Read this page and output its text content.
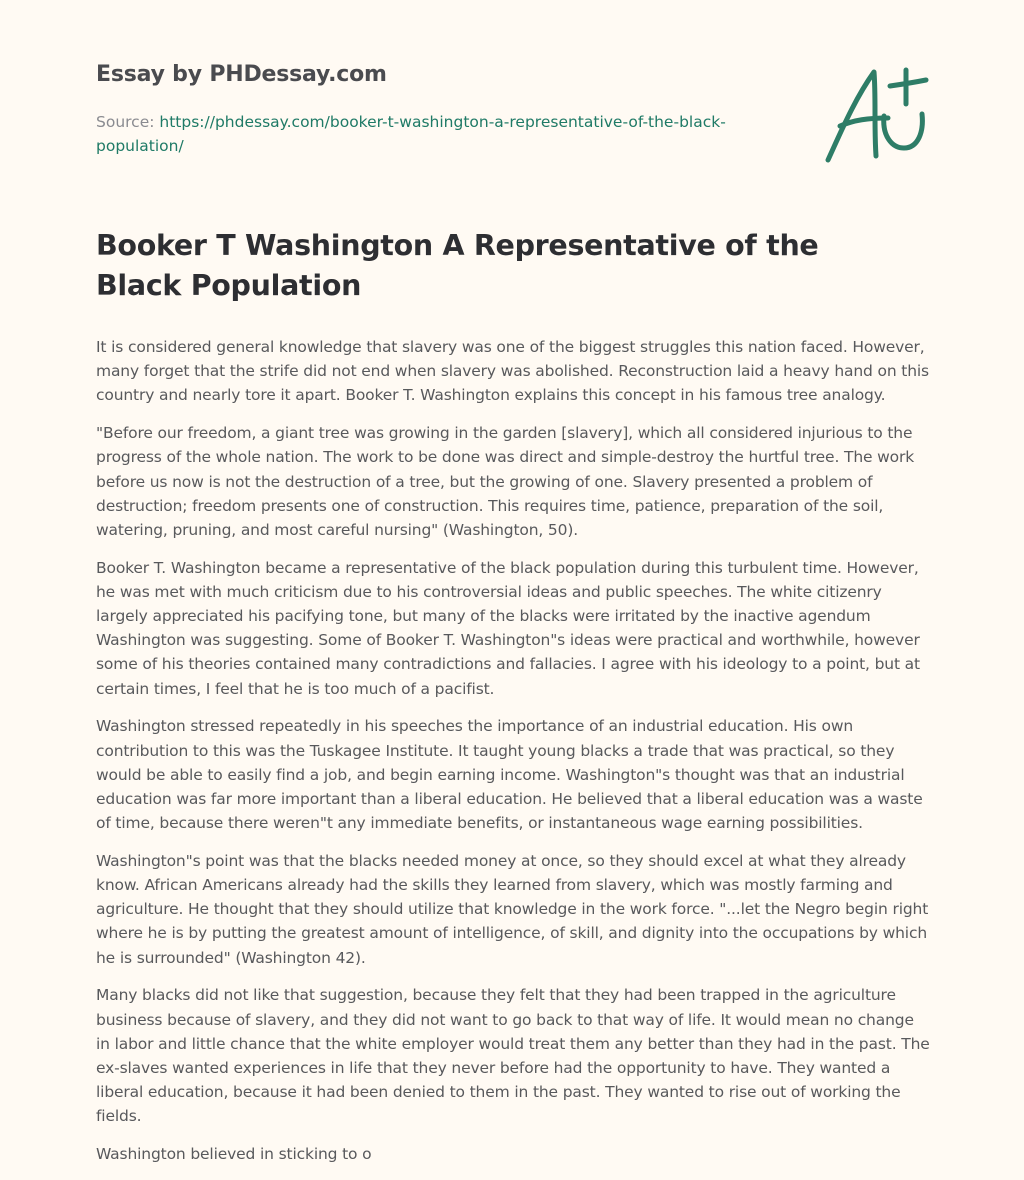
Essay by PHDessay.com
Source: https://phdessay.com/booker-t-washington-a-representative-of-the-black-population/
Booker T Washington A Representative of the Black Population

It is considered general knowledge that slavery was one of the biggest struggles this nation faced. However, many forget that the strife did not end when slavery was abolished. Reconstruction laid a heavy hand on this country and nearly tore it apart. Booker T. Washington explains this concept in his famous tree analogy.

"Before our freedom, a giant tree was growing in the garden [slavery], which all considered injurious to the progress of the whole nation. The work to be done was direct and simple-destroy the hurtful tree. The work before us now is not the destruction of a tree, but the growing of one. Slavery presented a problem of destruction; freedom presents one of construction. This requires time, patience, preparation of the soil, watering, pruning, and most careful nursing" (Washington, 50).

Booker T. Washington became a representative of the black population during this turbulent time. However, he was met with much criticism due to his controversial ideas and public speeches. The white citizenry largely appreciated his pacifying tone, but many of the blacks were irritated by the inactive agendum Washington was suggesting. Some of Booker T. Washington"s ideas were practical and worthwhile, however some of his theories contained many contradictions and fallacies. I agree with his ideology to a point, but at certain times, I feel that he is too much of a pacifist.

Washington stressed repeatedly in his speeches the importance of an industrial education. His own contribution to this was the Tuskagee Institute. It taught young blacks a trade that was practical, so they would be able to easily find a job, and begin earning income. Washington"s thought was that an industrial education was far more important than a liberal education. He believed that a liberal education was a waste of time, because there weren"t any immediate benefits, or instantaneous wage earning possibilities.

Washington"s point was that the blacks needed money at once, so they should excel at what they already know. African Americans already had the skills they learned from slavery, which was mostly farming and agriculture. He thought that they should utilize that knowledge in the work force. "...let the Negro begin right where he is by putting the greatest amount of intelligence, of skill, and dignity into the occupations by which he is surrounded" (Washington 42).

Many blacks did not like that suggestion, because they felt that they had been trapped in the agriculture business because of slavery, and they did not want to go back to that way of life. It would mean no change in labor and little chance that the white employer would treat them any better than they had in the past. The ex-slaves wanted experiences in life that they never before had the opportunity to have. They wanted a liberal education, because it had been denied to them in the past. They wanted to rise out of working the fields.

Washington believed in sticking to o
